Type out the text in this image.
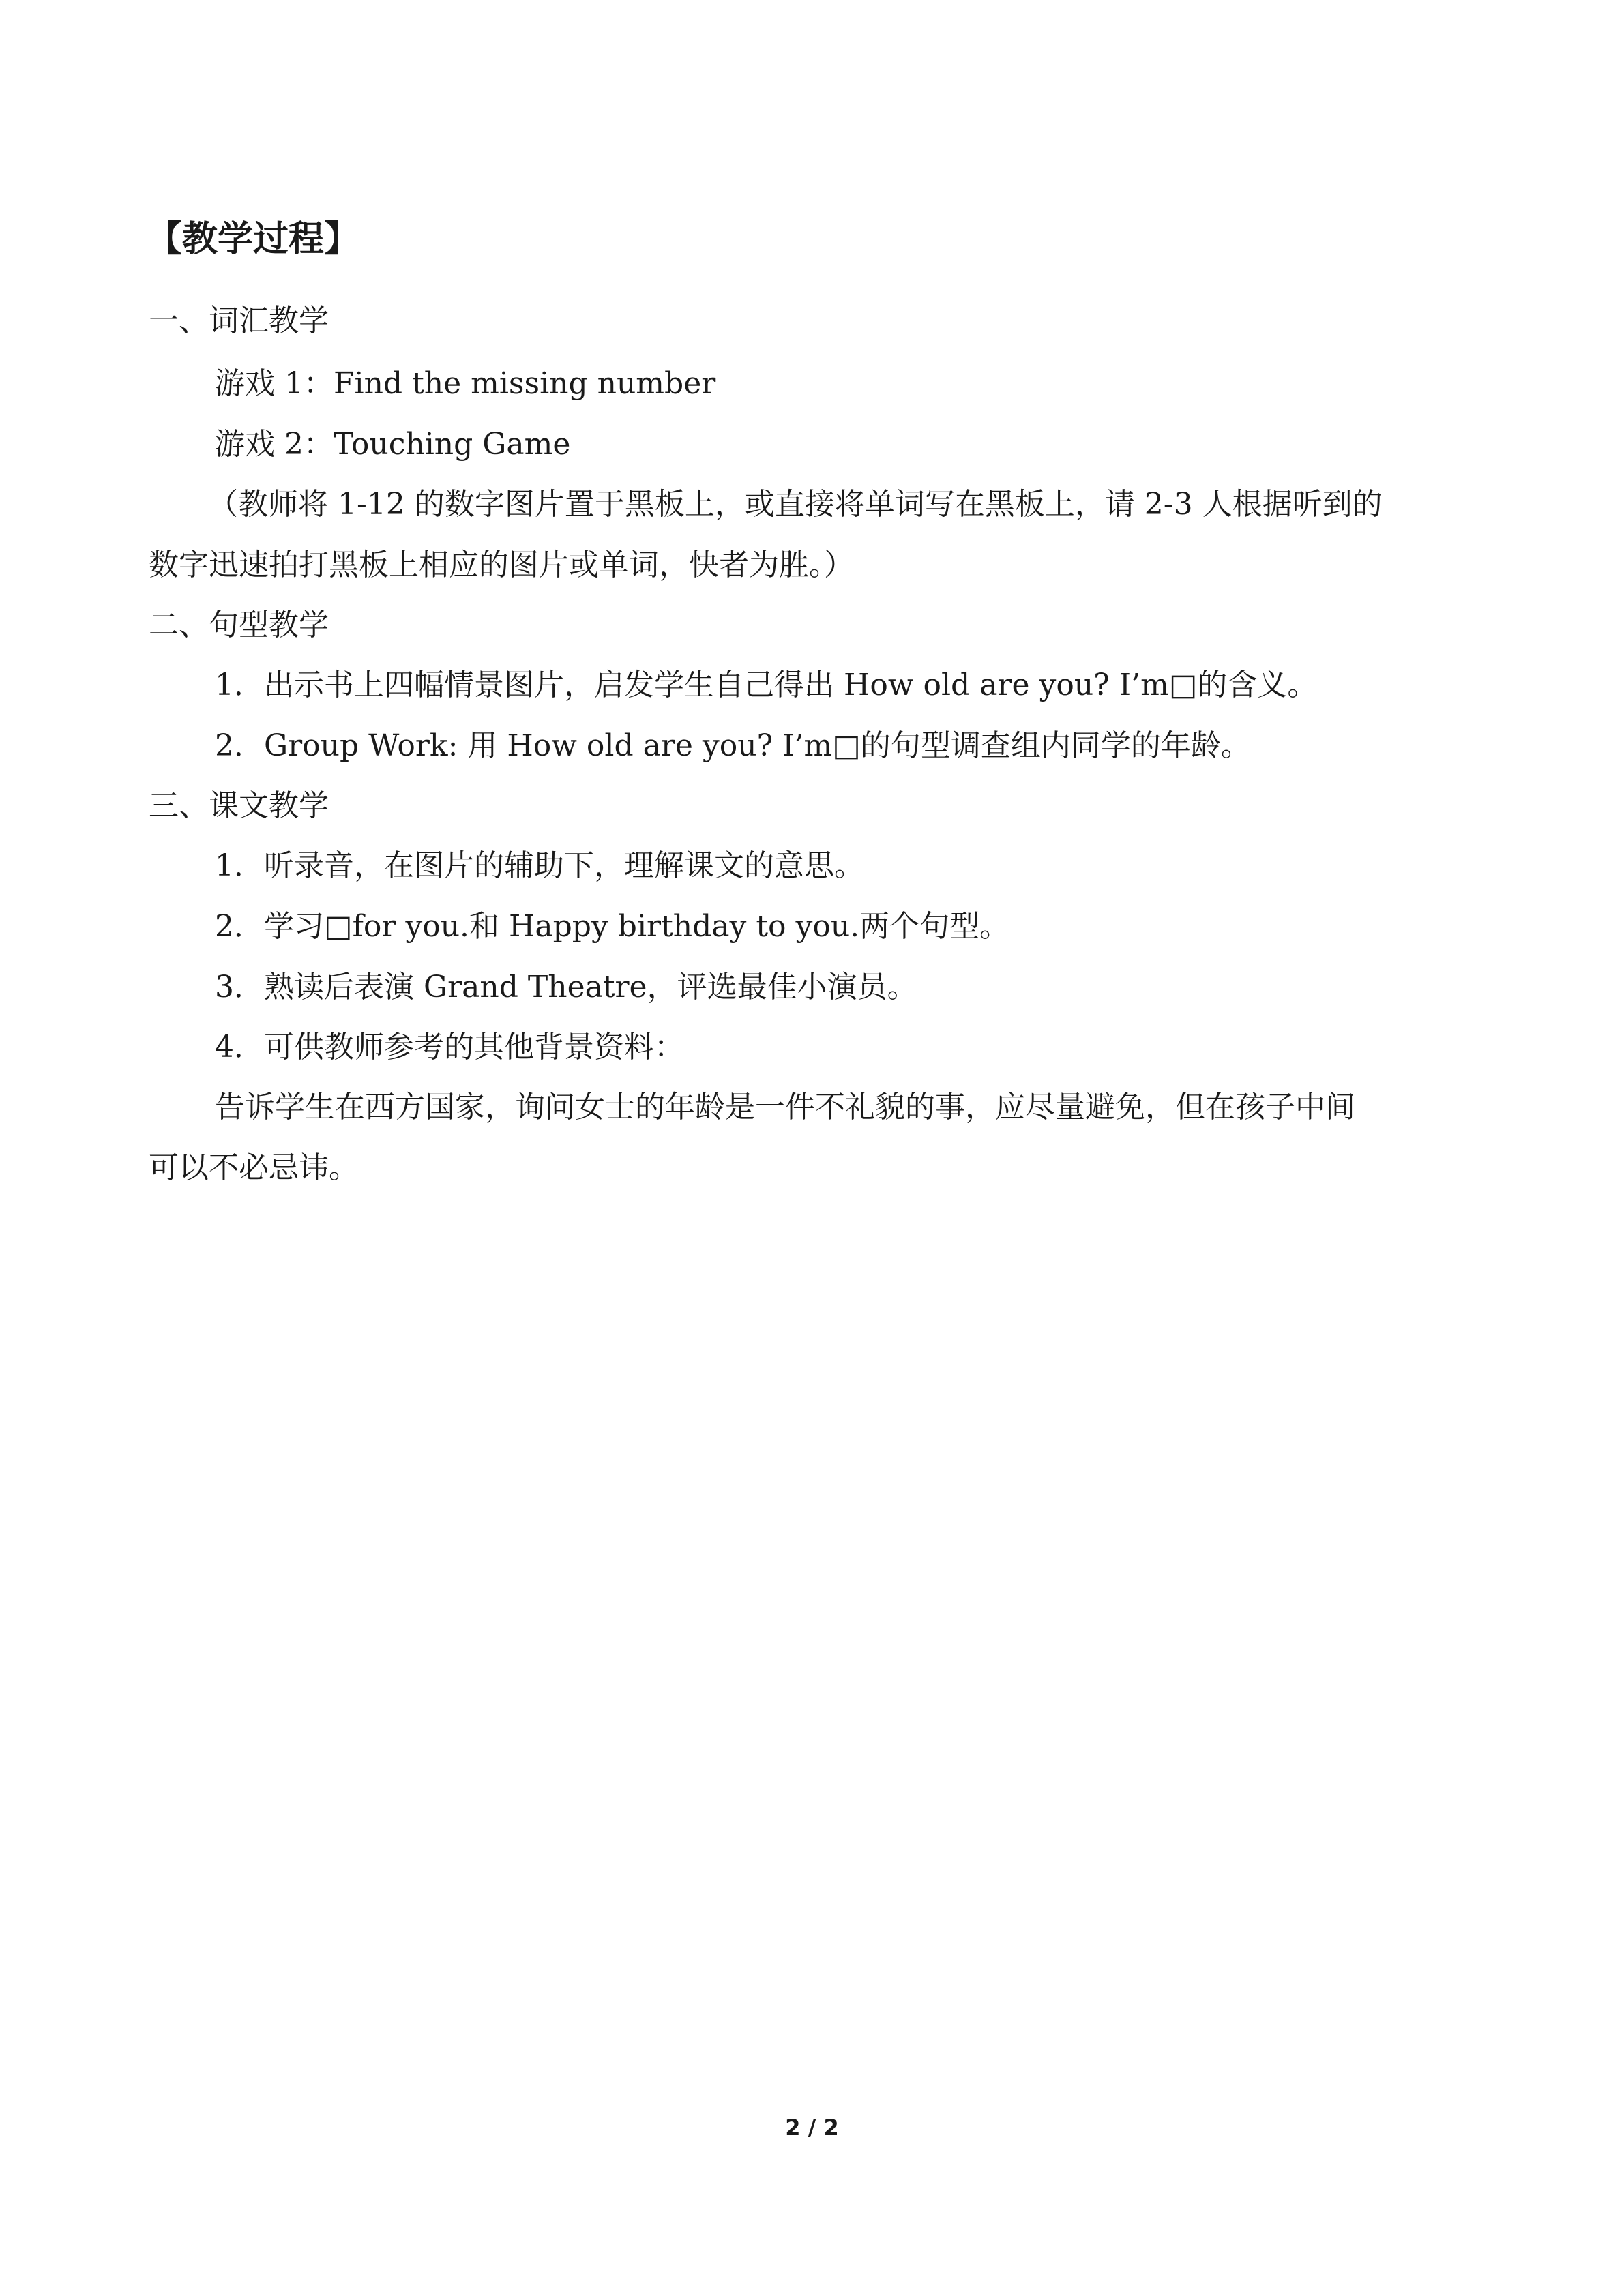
【教学过程】
一、词汇教学
游戏 1：Find the missing number
游戏 2：Touching Game
（教师将 1-12 的数字图片置于黑板上，或直接将单词写在黑板上，请 2-3 人根据听到的
数字迅速拍打黑板上相应的图片或单词，快者为胜。）
二、句型教学
1．出示书上四幅情景图片，启发学生自己得出 How old are you? I’m□的含义。
2．Group Work: 用 How old are you? I’m□的句型调查组内同学的年龄。
三、课文教学
1．听录音，在图片的辅助下，理解课文的意思。
2．学习□for you.和 Happy birthday to you.两个句型。
3．熟读后表演 Grand Theatre，评选最佳小演员。
4．可供教师参考的其他背景资料：
告诉学生在西方国家，询问女士的年龄是一件不礼貌的事，应尽量避免，但在孩子中间
可以不必忌讳。
2 / 2
